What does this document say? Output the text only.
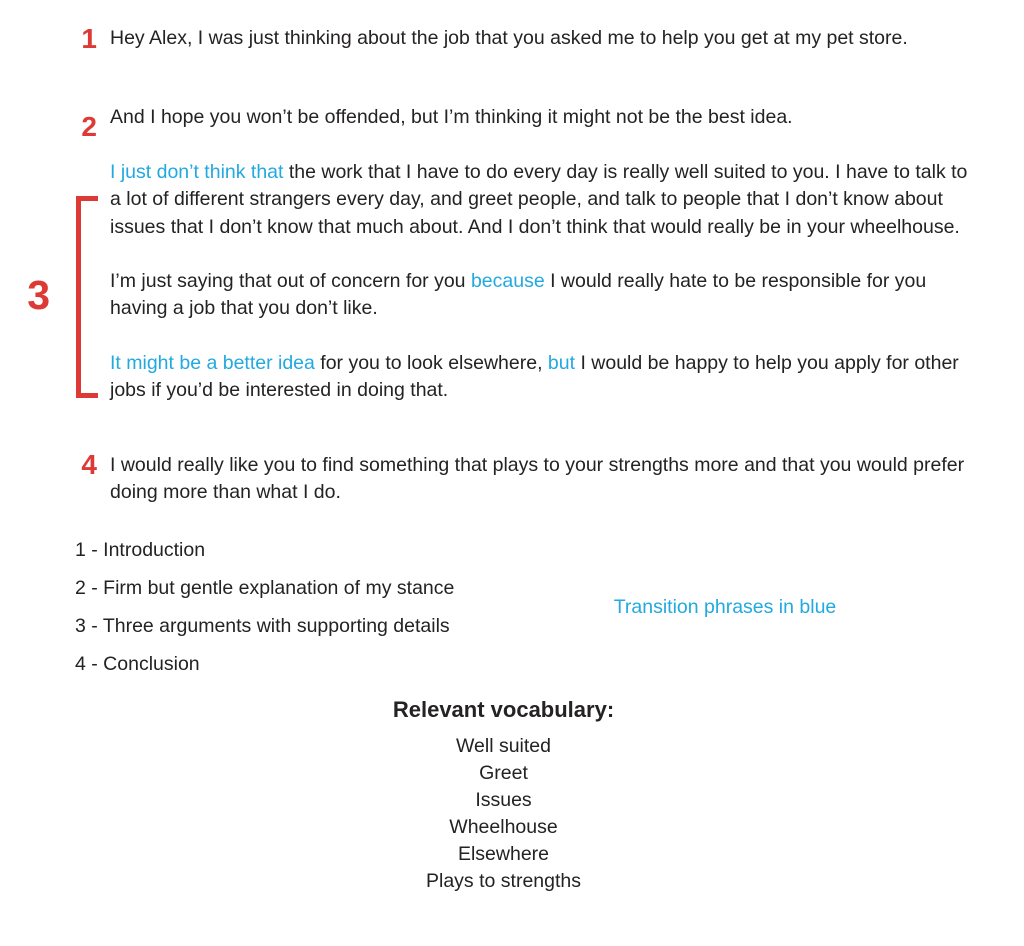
1 Hey Alex, I was just thinking about the job that you asked me to help you get at my pet store.
2 And I hope you won’t be offended, but I’m thinking it might not be the best idea.
3

I just don’t think that the work that I have to do every day is really well suited to you. I have to talk to a lot of different strangers every day, and greet people, and talk to people that I don’t know about issues that I don’t know that much about. And I don’t think that would really be in your wheelhouse.

I’m just saying that out of concern for you because I would really hate to be responsible for you having a job that you don’t like.

It might be a better idea for you to look elsewhere, but I would be happy to help you apply for other jobs if you’d be interested in doing that.

4 I would really like you to find something that plays to your strengths more and that you would prefer doing more than what I do.
1 - Introduction
2 - Firm but gentle explanation of my stance
3 - Three arguments with supporting details
4 - Conclusion
Transition phrases in blue
Relevant vocabulary:
Well suited
Greet
Issues
Wheelhouse
Elsewhere
Plays to strengths
